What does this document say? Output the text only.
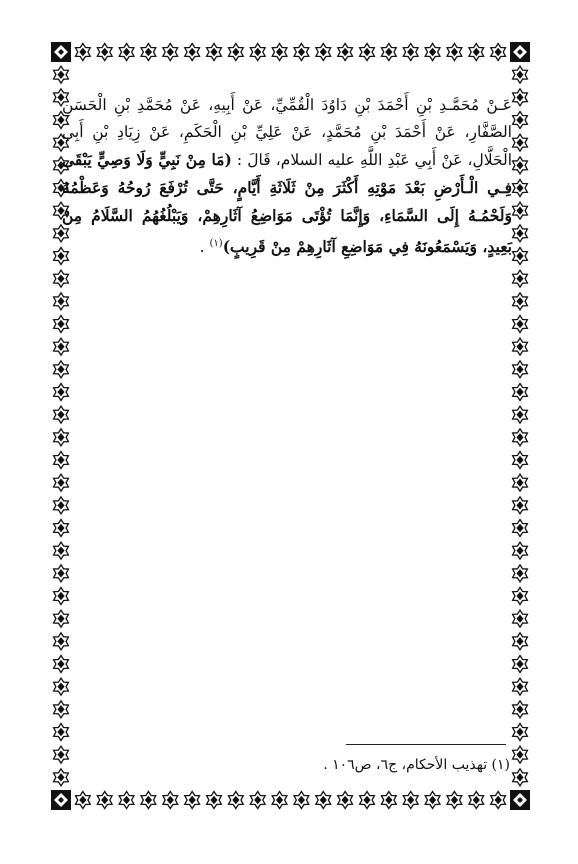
عَـنْ مُحَمَّـدِ بْنِ أَحْمَدَ بْنِ دَاوُدَ الْقُمِّيِّ، عَنْ أَبِيهِ، عَنْ مُحَمَّدِ بْنِ الْحَسَنِ الصَّفَّارِ، عَنْ أَحْمَدَ بْنِ مُحَمَّدٍ، عَنْ عَلِيِّ بْنِ الْحَكَمِ، عَنْ زِيَادِ بْنِ أَبِي الْحَلَّالِ، عَنْ أَبِي عَبْدِ اللَّهِ عليه السلام، قَالَ : (مَا مِنْ نَبِيٍّ وَلَا وَصِيٍّ يَبْقَى فِـي الْـأَرْضِ بَعْدَ مَوْتِهِ أَكْثَرَ مِنْ ثَلَاثَةِ أَيَّامٍ، حَتَّى تُرْفَعَ رُوحُهُ وَعَظْمُهُ وَلَحْمُـهُ إِلَى السَّمَاءِ، وَإِنَّمَا تُؤْتَى مَوَاضِعُ آثَارِهِمْ، وَيَبْلُغُهُمُ السَّلَامُ مِنْ بَعِيدٍ، وَيَسْمَعُونَهُ فِي مَوَاضِعِ آثَارِهِمْ مِنْ قَرِيبٍ)$^{(١)}$ .
(١) تهذيب الأحكام، ج٦، ص١٠٦ .
